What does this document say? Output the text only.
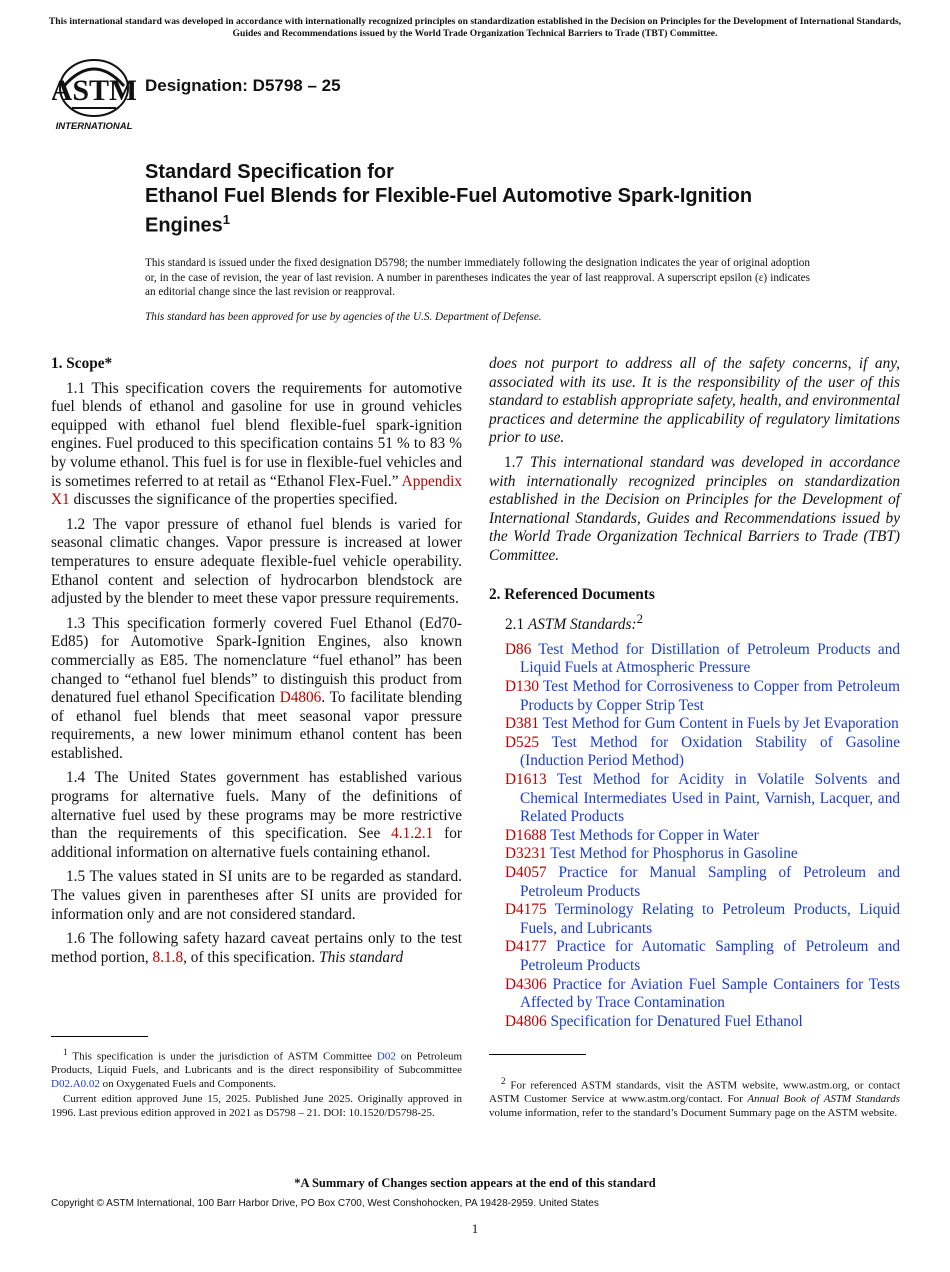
This international standard was developed in accordance with internationally recognized principles on standardization established in the Decision on Principles for the Development of International Standards, Guides and Recommendations issued by the World Trade Organization Technical Barriers to Trade (TBT) Committee.
ASTM
INTERNATIONAL
Designation: D5798 – 25
Standard Specification for
Ethanol Fuel Blends for Flexible-Fuel Automotive Spark-Ignition Engines$^1$
This standard is issued under the fixed designation D5798; the number immediately following the designation indicates the year of original adoption or, in the case of revision, the year of last revision. A number in parentheses indicates the year of last reapproval. A superscript epsilon (ε) indicates an editorial change since the last revision or reapproval.
This standard has been approved for use by agencies of the U.S. Department of Defense.

1. Scope*

1.1 This specification covers the requirements for automotive fuel blends of ethanol and gasoline for use in ground vehicles equipped with ethanol fuel blend flexible-fuel spark-ignition engines. Fuel produced to this specification contains 51 % to 83 % by volume ethanol. This fuel is for use in flexible-fuel vehicles and is sometimes referred to at retail as “Ethanol Flex-Fuel.” Appendix X1 discusses the significance of the properties specified.

1.2 The vapor pressure of ethanol fuel blends is varied for seasonal climatic changes. Vapor pressure is increased at lower temperatures to ensure adequate flexible-fuel vehicle operability. Ethanol content and selection of hydrocarbon blendstock are adjusted by the blender to meet these vapor pressure requirements.

1.3 This specification formerly covered Fuel Ethanol (Ed70-Ed85) for Automotive Spark-Ignition Engines, also known commercially as E85. The nomenclature “fuel ethanol” has been changed to “ethanol fuel blends” to distinguish this product from denatured fuel ethanol Specification D4806. To facilitate blending of ethanol fuel blends that meet seasonal vapor pressure requirements, a new lower minimum ethanol content has been established.

1.4 The United States government has established various programs for alternative fuels. Many of the definitions of alternative fuel used by these programs may be more restrictive than the requirements of this specification. See 4.1.2.1 for additional information on alternative fuels containing ethanol.

1.5 The values stated in SI units are to be regarded as standard. The values given in parentheses after SI units are provided for information only and are not considered standard.

1.6 The following safety hazard caveat pertains only to the test method portion, 8.1.8, of this specification. This standard

does not purport to address all of the safety concerns, if any, associated with its use. It is the responsibility of the user of this standard to establish appropriate safety, health, and environmental practices and determine the applicability of regulatory limitations prior to use.

1.7 This international standard was developed in accordance with internationally recognized principles on standardization established in the Decision on Principles for the Development of International Standards, Guides and Recommendations issued by the World Trade Organization Technical Barriers to Trade (TBT) Committee.

2. Referenced Documents

2.1 ASTM Standards:$^2$

D86 Test Method for Distillation of Petroleum Products and Liquid Fuels at Atmospheric Pressure
D130 Test Method for Corrosiveness to Copper from Petroleum Products by Copper Strip Test
D381 Test Method for Gum Content in Fuels by Jet Evaporation
D525 Test Method for Oxidation Stability of Gasoline (Induction Period Method)
D1613 Test Method for Acidity in Volatile Solvents and Chemical Intermediates Used in Paint, Varnish, Lacquer, and Related Products
D1688 Test Methods for Copper in Water
D3231 Test Method for Phosphorus in Gasoline
D4057 Practice for Manual Sampling of Petroleum and Petroleum Products
D4175 Terminology Relating to Petroleum Products, Liquid Fuels, and Lubricants
D4177 Practice for Automatic Sampling of Petroleum and Petroleum Products
D4306 Practice for Aviation Fuel Sample Containers for Tests Affected by Trace Contamination
D4806 Specification for Denatured Fuel Ethanol

$^1$ This specification is under the jurisdiction of ASTM Committee D02 on Petroleum Products, Liquid Fuels, and Lubricants and is the direct responsibility of Subcommittee D02.A0.02 on Oxygenated Fuels and Components.

Current edition approved June 15, 2025. Published June 2025. Originally approved in 1996. Last previous edition approved in 2021 as D5798 – 21. DOI: 10.1520/D5798-25.

$^2$ For referenced ASTM standards, visit the ASTM website, www.astm.org, or contact ASTM Customer Service at www.astm.org/contact. For Annual Book of ASTM Standards volume information, refer to the standard’s Document Summary page on the ASTM website.

*A Summary of Changes section appears at the end of this standard
Copyright © ASTM International, 100 Barr Harbor Drive, PO Box C700, West Conshohocken, PA 19428-2959. United States
1
